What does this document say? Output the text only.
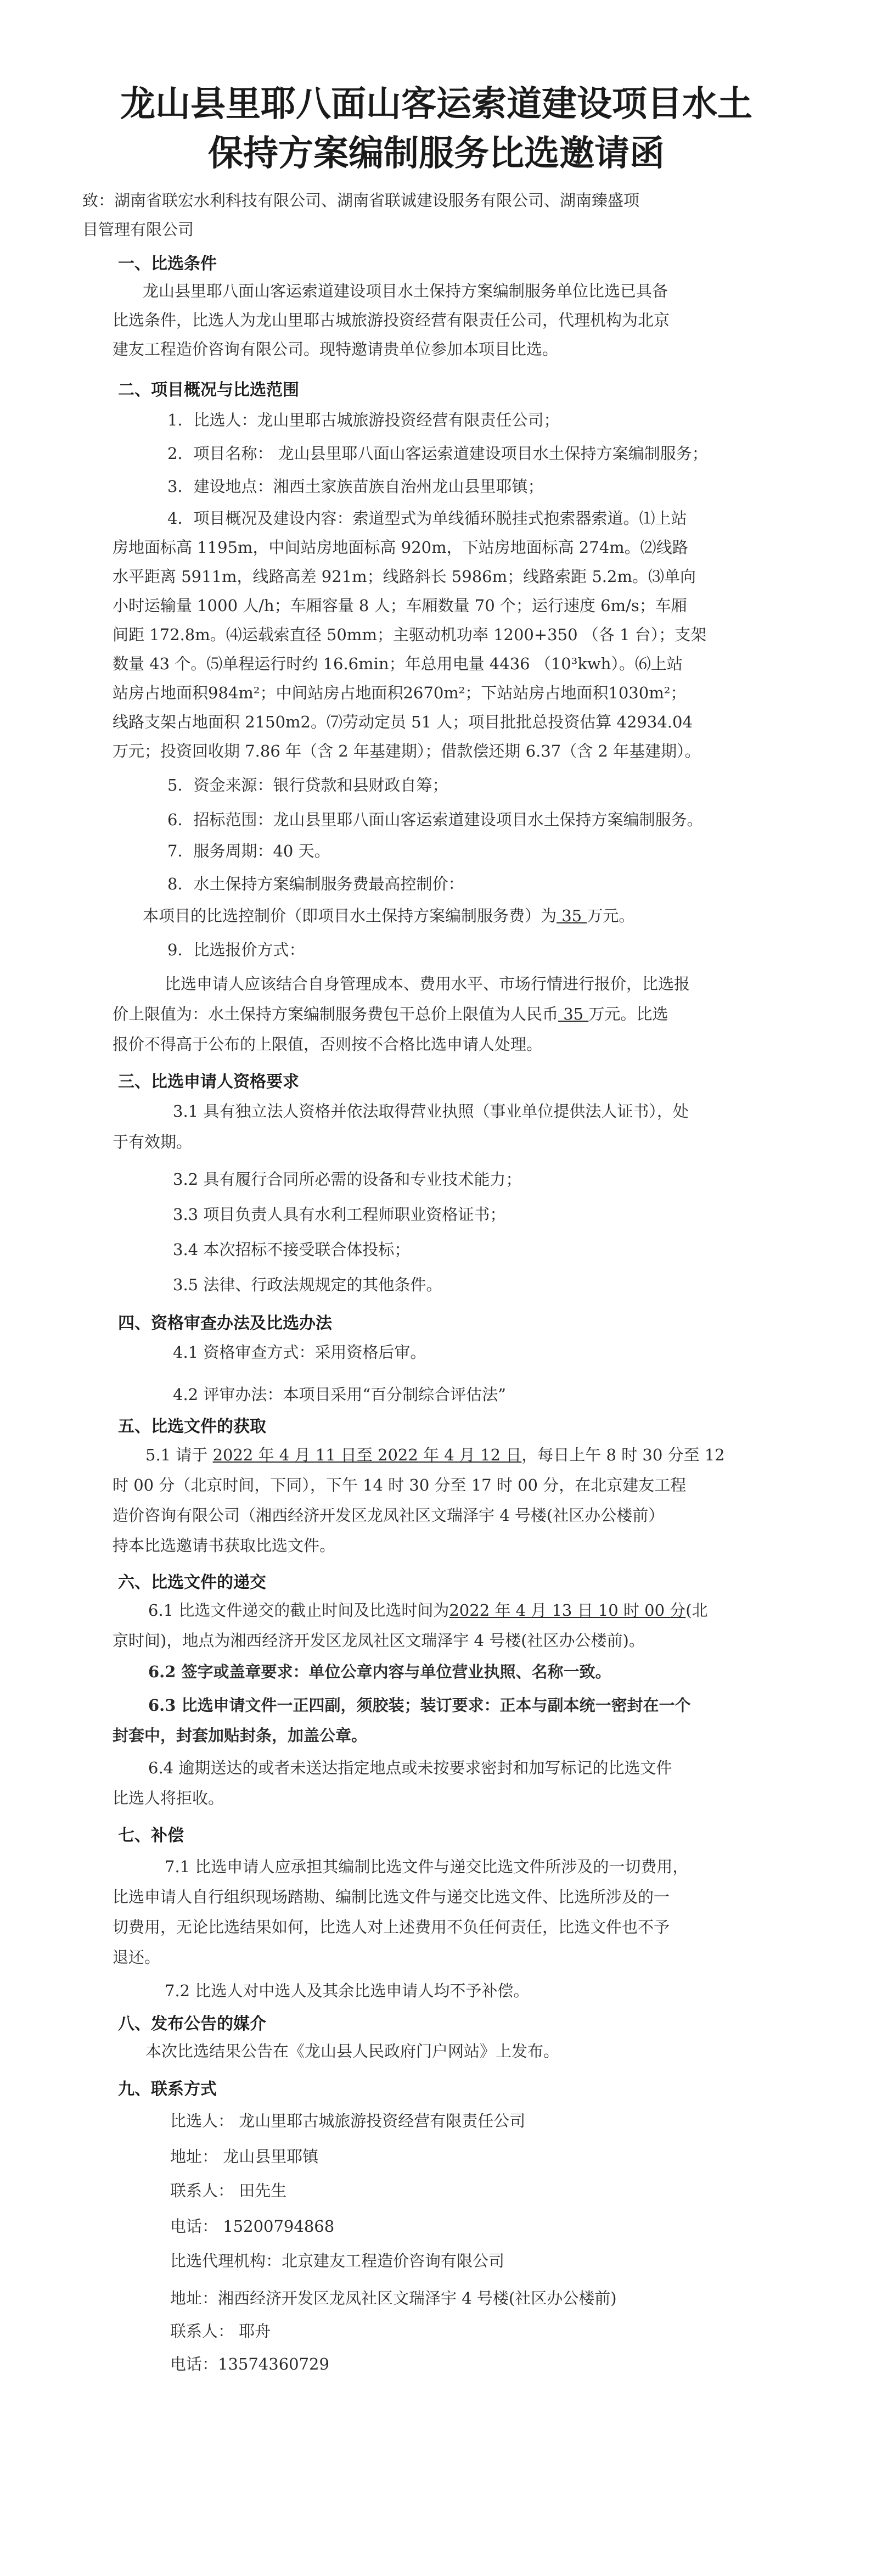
龙山县里耶八面山客运索道建设项目水土
保持方案编制服务比选邀请函
致：湖南省联宏水利科技有限公司、湖南省联诚建设服务有限公司、湖南臻盛项
目管理有限公司
一、比选条件
龙山县里耶八面山客运索道建设项目水土保持方案编制服务单位比选已具备
比选条件，比选人为龙山里耶古城旅游投资经营有限责任公司，代理机构为北京
建友工程造价咨询有限公司。现特邀请贵单位参加本项目比选。
二、项目概况与比选范围
1．比选人：龙山里耶古城旅游投资经营有限责任公司；
2．项目名称： 龙山县里耶八面山客运索道建设项目水土保持方案编制服务；
3．建设地点：湘西土家族苗族自治州龙山县里耶镇；
4．项目概况及建设内容：索道型式为单线循环脱挂式抱索器索道。⑴上站
房地面标高 1195m，中间站房地面标高 920m，下站房地面标高 274m。⑵线路
水平距离 5911m，线路高差 921m；线路斜长 5986m；线路索距 5.2m。⑶单向
小时运输量 1000 人/h；车厢容量 8 人；车厢数量 70 个；运行速度 6m/s；车厢
间距 172.8m。⑷运载索直径 50mm；主驱动机功率 1200+350 （各 1 台）；支架
数量 43 个。⑸单程运行时约 16.6min；年总用电量 4436 （10³kwh）。⑹上站
站房占地面积984m²；中间站房占地面积2670m²；下站站房占地面积1030m²；
线路支架占地面积 2150m2。⑺劳动定员 51 人；项目批批总投资估算 42934.04
万元；投资回收期 7.86 年（含 2 年基建期）；借款偿还期 6.37（含 2 年基建期）。
5．资金来源：银行贷款和县财政自筹；
6．招标范围：龙山县里耶八面山客运索道建设项目水土保持方案编制服务。
7．服务周期：40 天。
8．水土保持方案编制服务费最高控制价：
本项目的比选控制价（即项目水土保持方案编制服务费）为 35 万元。
9．比选报价方式：
比选申请人应该结合自身管理成本、费用水平、市场行情进行报价，比选报
价上限值为：水土保持方案编制服务费包干总价上限值为人民币 35 万元。比选
报价不得高于公布的上限值，否则按不合格比选申请人处理。
三、比选申请人资格要求
3.1 具有独立法人资格并依法取得营业执照（事业单位提供法人证书），处
于有效期。
3.2 具有履行合同所必需的设备和专业技术能力；
3.3 项目负责人具有水利工程师职业资格证书；
3.4 本次招标不接受联合体投标；
3.5 法律、行政法规规定的其他条件。
四、资格审查办法及比选办法
4.1 资格审查方式：采用资格后审。
4.2 评审办法：本项目采用“百分制综合评估法”
五、比选文件的获取
5.1 请于 2022 年 4 月 11 日至 2022 年 4 月 12 日，每日上午 8 时 30 分至 12
时 00 分（北京时间，下同），下午 14 时 30 分至 17 时 00 分，在北京建友工程
造价咨询有限公司（湘西经济开发区龙凤社区文瑞泽宇 4 号楼(社区办公楼前）
持本比选邀请书获取比选文件。
六、比选文件的递交
6.1 比选文件递交的截止时间及比选时间为2022 年 4 月 13 日 10 时 00 分(北
京时间)，地点为湘西经济开发区龙凤社区文瑞泽宇 4 号楼(社区办公楼前)。
6.2 签字或盖章要求：单位公章内容与单位营业执照、名称一致。
6.3 比选申请文件一正四副，须胶装；装订要求：正本与副本统一密封在一个
封套中，封套加贴封条，加盖公章。
6.4 逾期送达的或者未送达指定地点或未按要求密封和加写标记的比选文件
比选人将拒收。
七、补偿
7.1 比选申请人应承担其编制比选文件与递交比选文件所涉及的一切费用，
比选申请人自行组织现场踏勘、编制比选文件与递交比选文件、比选所涉及的一
切费用，无论比选结果如何，比选人对上述费用不负任何责任，比选文件也不予
退还。
7.2 比选人对中选人及其余比选申请人均不予补偿。
八、发布公告的媒介
本次比选结果公告在《龙山县人民政府门户网站》上发布。
九、联系方式
比选人： 龙山里耶古城旅游投资经营有限责任公司
地址： 龙山县里耶镇
联系人： 田先生
电话： 15200794868
比选代理机构：北京建友工程造价咨询有限公司
地址：湘西经济开发区龙凤社区文瑞泽宇 4 号楼(社区办公楼前)
联系人： 耶舟
电话：13574360729
